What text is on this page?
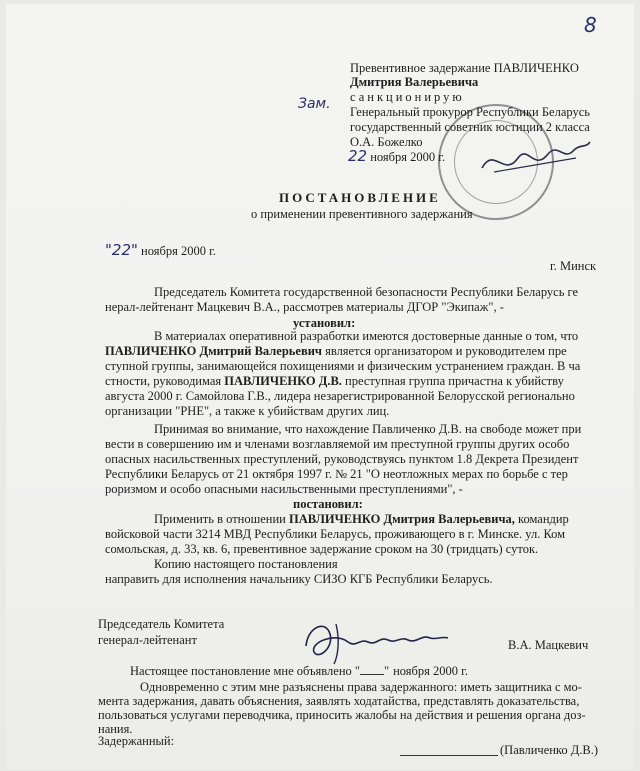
8
Превентивное задержание ПАВЛИЧЕНКО
Дмитрия Валерьевича
санкционирую
Зам. Генеральный прокурор Республики Беларусь
государственный советник юстиции 2 класса
О.А. Божелко
22 ноября 2000 г.
ПОСТАНОВЛЕНИЕ
о применении превентивного задержания
"22" ноября 2000 г.
г. Минск
Председатель Комитета государственной безопасности Республики Беларусь ге
нерал-лейтенант Мацкевич В.А., рассмотрев материалы ДГОР "Экипаж", -
установил:
В материалах оперативной разработки имеются достоверные данные о том, что
ПАВЛИЧЕНКО Дмитрий Валерьевич является организатором и руководителем пре
ступной группы, занимающейся похищениями и физическим устранением граждан. В ча
стности, руководимая ПАВЛИЧЕНКО Д.В. преступная группа причастна к убийству
августа 2000 г. Самойлова Г.В., лидера незарегистрированной Белорусской регионально
организации "РНЕ", а также к убийствам других лиц.
Принимая во внимание, что нахождение Павличенко Д.В. на свободе может при
вести в совершению им и членами возглавляемой им преступной группы других особо
опасных насильственных преступлений, руководствуясь пунктом 1.8 Декрета Президент
Республики Беларусь от 21 октября 1997 г. № 21 "О неотложных мерах по борьбе с тер
роризмом и особо опасными насильственными преступлениями", -
постановил:
Применить в отношении ПАВЛИЧЕНКО Дмитрия Валерьевича, командир
войсковой части 3214 МВД Республики Беларусь, проживающего в г. Минске. ул. Ком
сомольская, д. 33, кв. 6, превентивное задержание сроком на 30 (тридцать) суток.
Копию настоящего постановления
направить для исполнения начальнику СИЗО КГБ Республики Беларусь.
Председатель Комитета
генерал-лейтенант	В.А. Мацкевич
Настоящее постановление мне объявлено " " ноября 2000 г.
Одновременно с этим мне разъяснены права задержанного: иметь защитника с мо-
мента задержания, давать объяснения, заявлять ходатайства, представлять доказательства,
пользоваться услугами переводчика, приносить жалобы на действия и решения органа доз-
нания.
Задержанный:
(Павличенко Д.В.)
